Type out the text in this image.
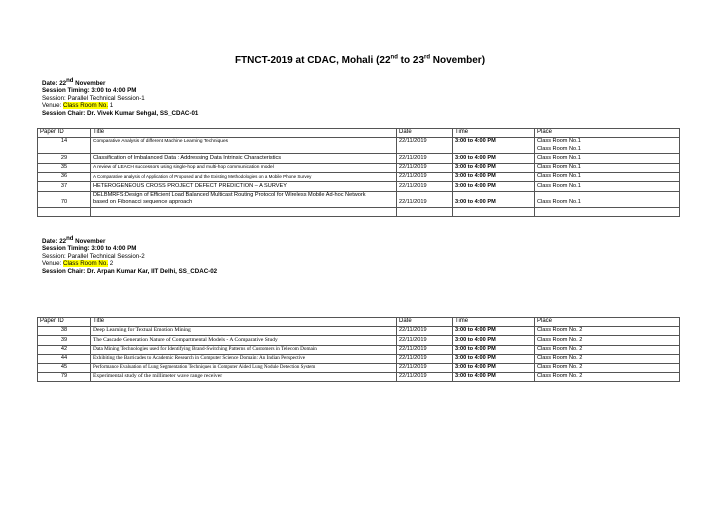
FTNCT-2019 at CDAC, Mohali (22nd to 23rd November)
Date: 22nd November
Session Timing: 3:00 to 4:00 PM
Session: Parallel Technical Session-1
Venue: Class Room No. 1
Session Chair: Dr. Vivek Kumar Sehgal, SS_CDAC-01
Paper ID	Title	Date	Time	Place
14	Comparative Analysis of different Machine Learning Techniques	22/11/2019	3:00 to 4:00 PM	Class Room No.1
Class Room No.1

29	Classification of Imbalanced Data : Addressing Data Intrinsic Characteristics	22/11/2019	3:00 to 4:00 PM	Class Room No.1
35	A review of LEACH successors using single-hop and multi-hop communication model	22/11/2019	3:00 to 4:00 PM	Class Room No.1
36	A Comparative analysis of Application of Proposed and the Existing Methodologies on a Mobile Phone Survey	22/11/2019	3:00 to 4:00 PM	Class Room No.1
37	HETEROGENEOUS CROSS PROJECT DEFECT PREDICTION – A SURVEY	22/11/2019	3:00 to 4:00 PM	Class Room No.1
70	DELBMRFS:Design of Efficient Load Balanced Multicast Routing Protocol for Wireless Mobile Ad-hoc Network
based on Fibonacci sequence approach	22/11/2019	3:00 to 4:00 PM	Class Room No.1

Date: 22nd November
Session Timing: 3:00 to 4:00 PM
Session: Parallel Technical Session-2
Venue: Class Room No. 2
Session Chair: Dr. Arpan Kumar Kar, IIT Delhi, SS_CDAC-02
Paper ID	Title	Date	Time	Place
38	Deep Learning for Textual Emotion Mining	22/11/2019	3:00 to 4:00 PM	Class Room No. 2
39	The Cascade Generation Nature of Compartmental Models - A Comparative Study	22/11/2019	3:00 to 4:00 PM	Class Room No. 2
42	Data Mining Technologies used for Identifying Brand-Switching Patterns of Customers in Telecom Domain	22/11/2019	3:00 to 4:00 PM	Class Room No. 2
44	Exhibiting the Barricades to Academic Research in Computer Science Domain: An Indian Perspective	22/11/2019	3:00 to 4:00 PM	Class Room No. 2
45	Performance Evaluation of Lung Segmentation Techniques in Computer Aided Lung Nodule Detection System	22/11/2019	3:00 to 4:00 PM	Class Room No. 2
79	Experimental study of the millimeter wave range receiver	22/11/2019	3:00 to 4:00 PM	Class Room No. 2
